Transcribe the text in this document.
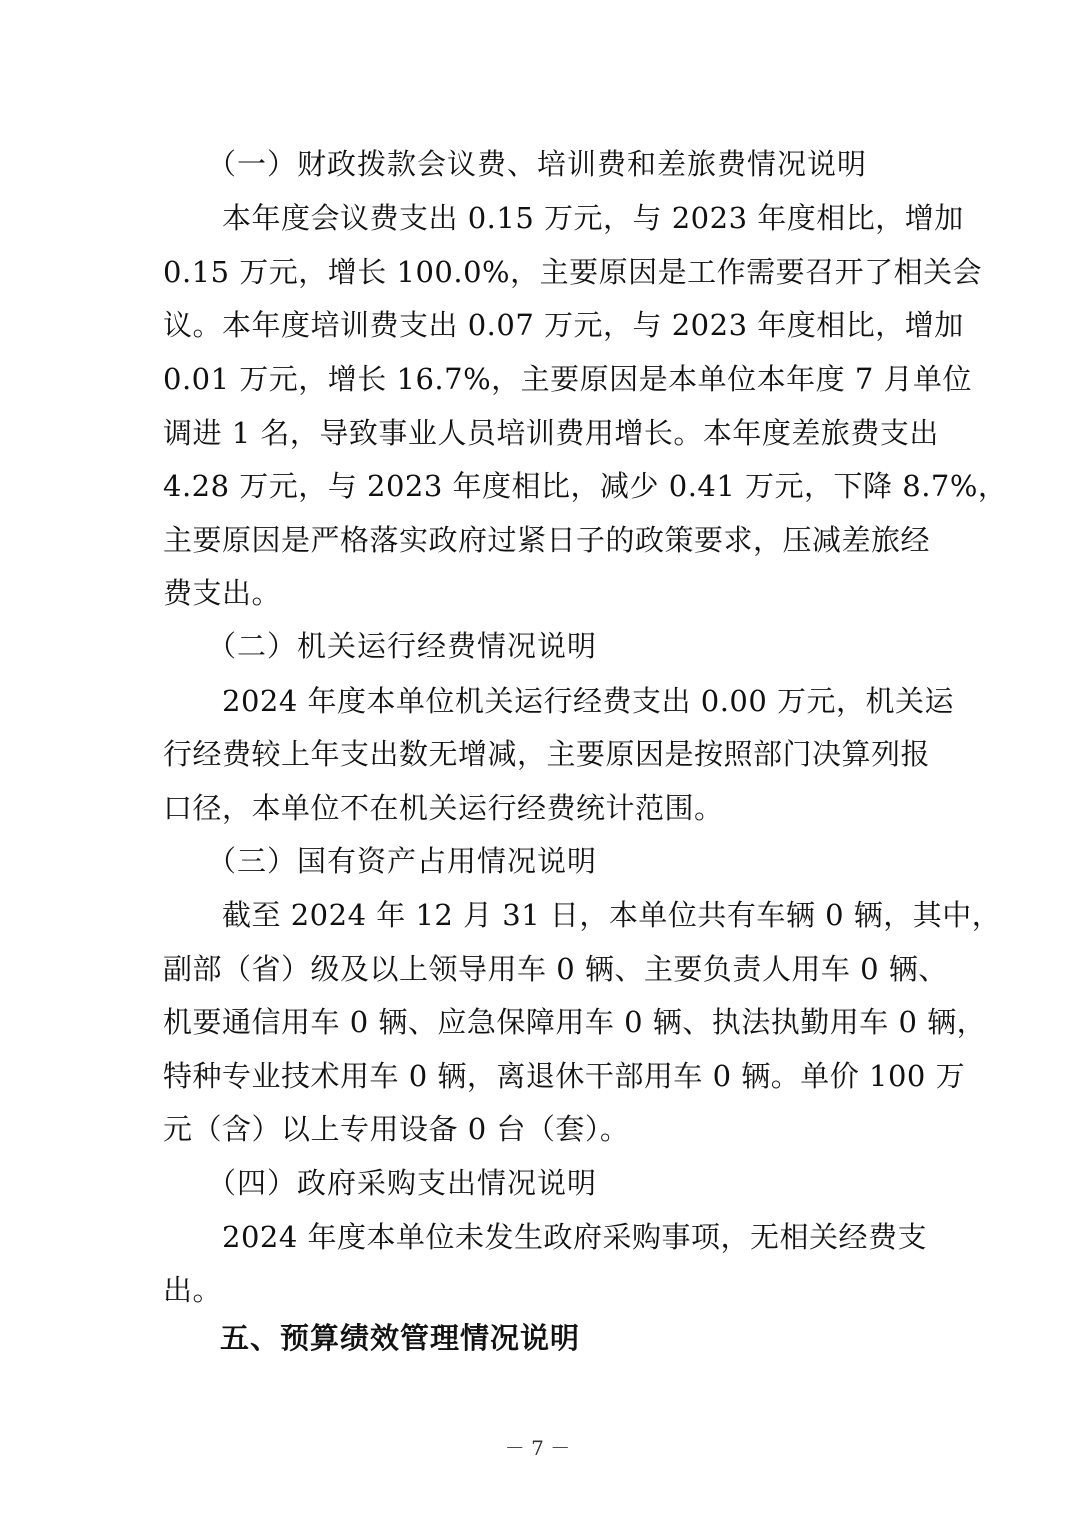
（一）财政拨款会议费、培训费和差旅费情况说明
本年度会议费支出 0.15 万元，与 2023 年度相比，增加
0.15 万元，增长 100.0%，主要原因是工作需要召开了相关会
议。本年度培训费支出 0.07 万元，与 2023 年度相比，增加
0.01 万元，增长 16.7%，主要原因是本单位本年度 7 月单位
调进 1 名，导致事业人员培训费用增长。本年度差旅费支出
4.28 万元，与 2023 年度相比，减少 0.41 万元，下降 8.7%，
主要原因是严格落实政府过紧日子的政策要求，压减差旅经
费支出。
（二）机关运行经费情况说明
2024 年度本单位机关运行经费支出 0.00 万元，机关运
行经费较上年支出数无增减，主要原因是按照部门决算列报
口径，本单位不在机关运行经费统计范围。
（三）国有资产占用情况说明
截至 2024 年 12 月 31 日，本单位共有车辆 0 辆，其中，
副部（省）级及以上领导用车 0 辆、主要负责人用车 0 辆、
机要通信用车 0 辆、应急保障用车 0 辆、执法执勤用车 0 辆，
特种专业技术用车 0 辆，离退休干部用车 0 辆。单价 100 万
元（含）以上专用设备 0 台（套）。
（四）政府采购支出情况说明
2024 年度本单位未发生政府采购事项，无相关经费支
出。
五、预算绩效管理情况说明
－ 7 －
